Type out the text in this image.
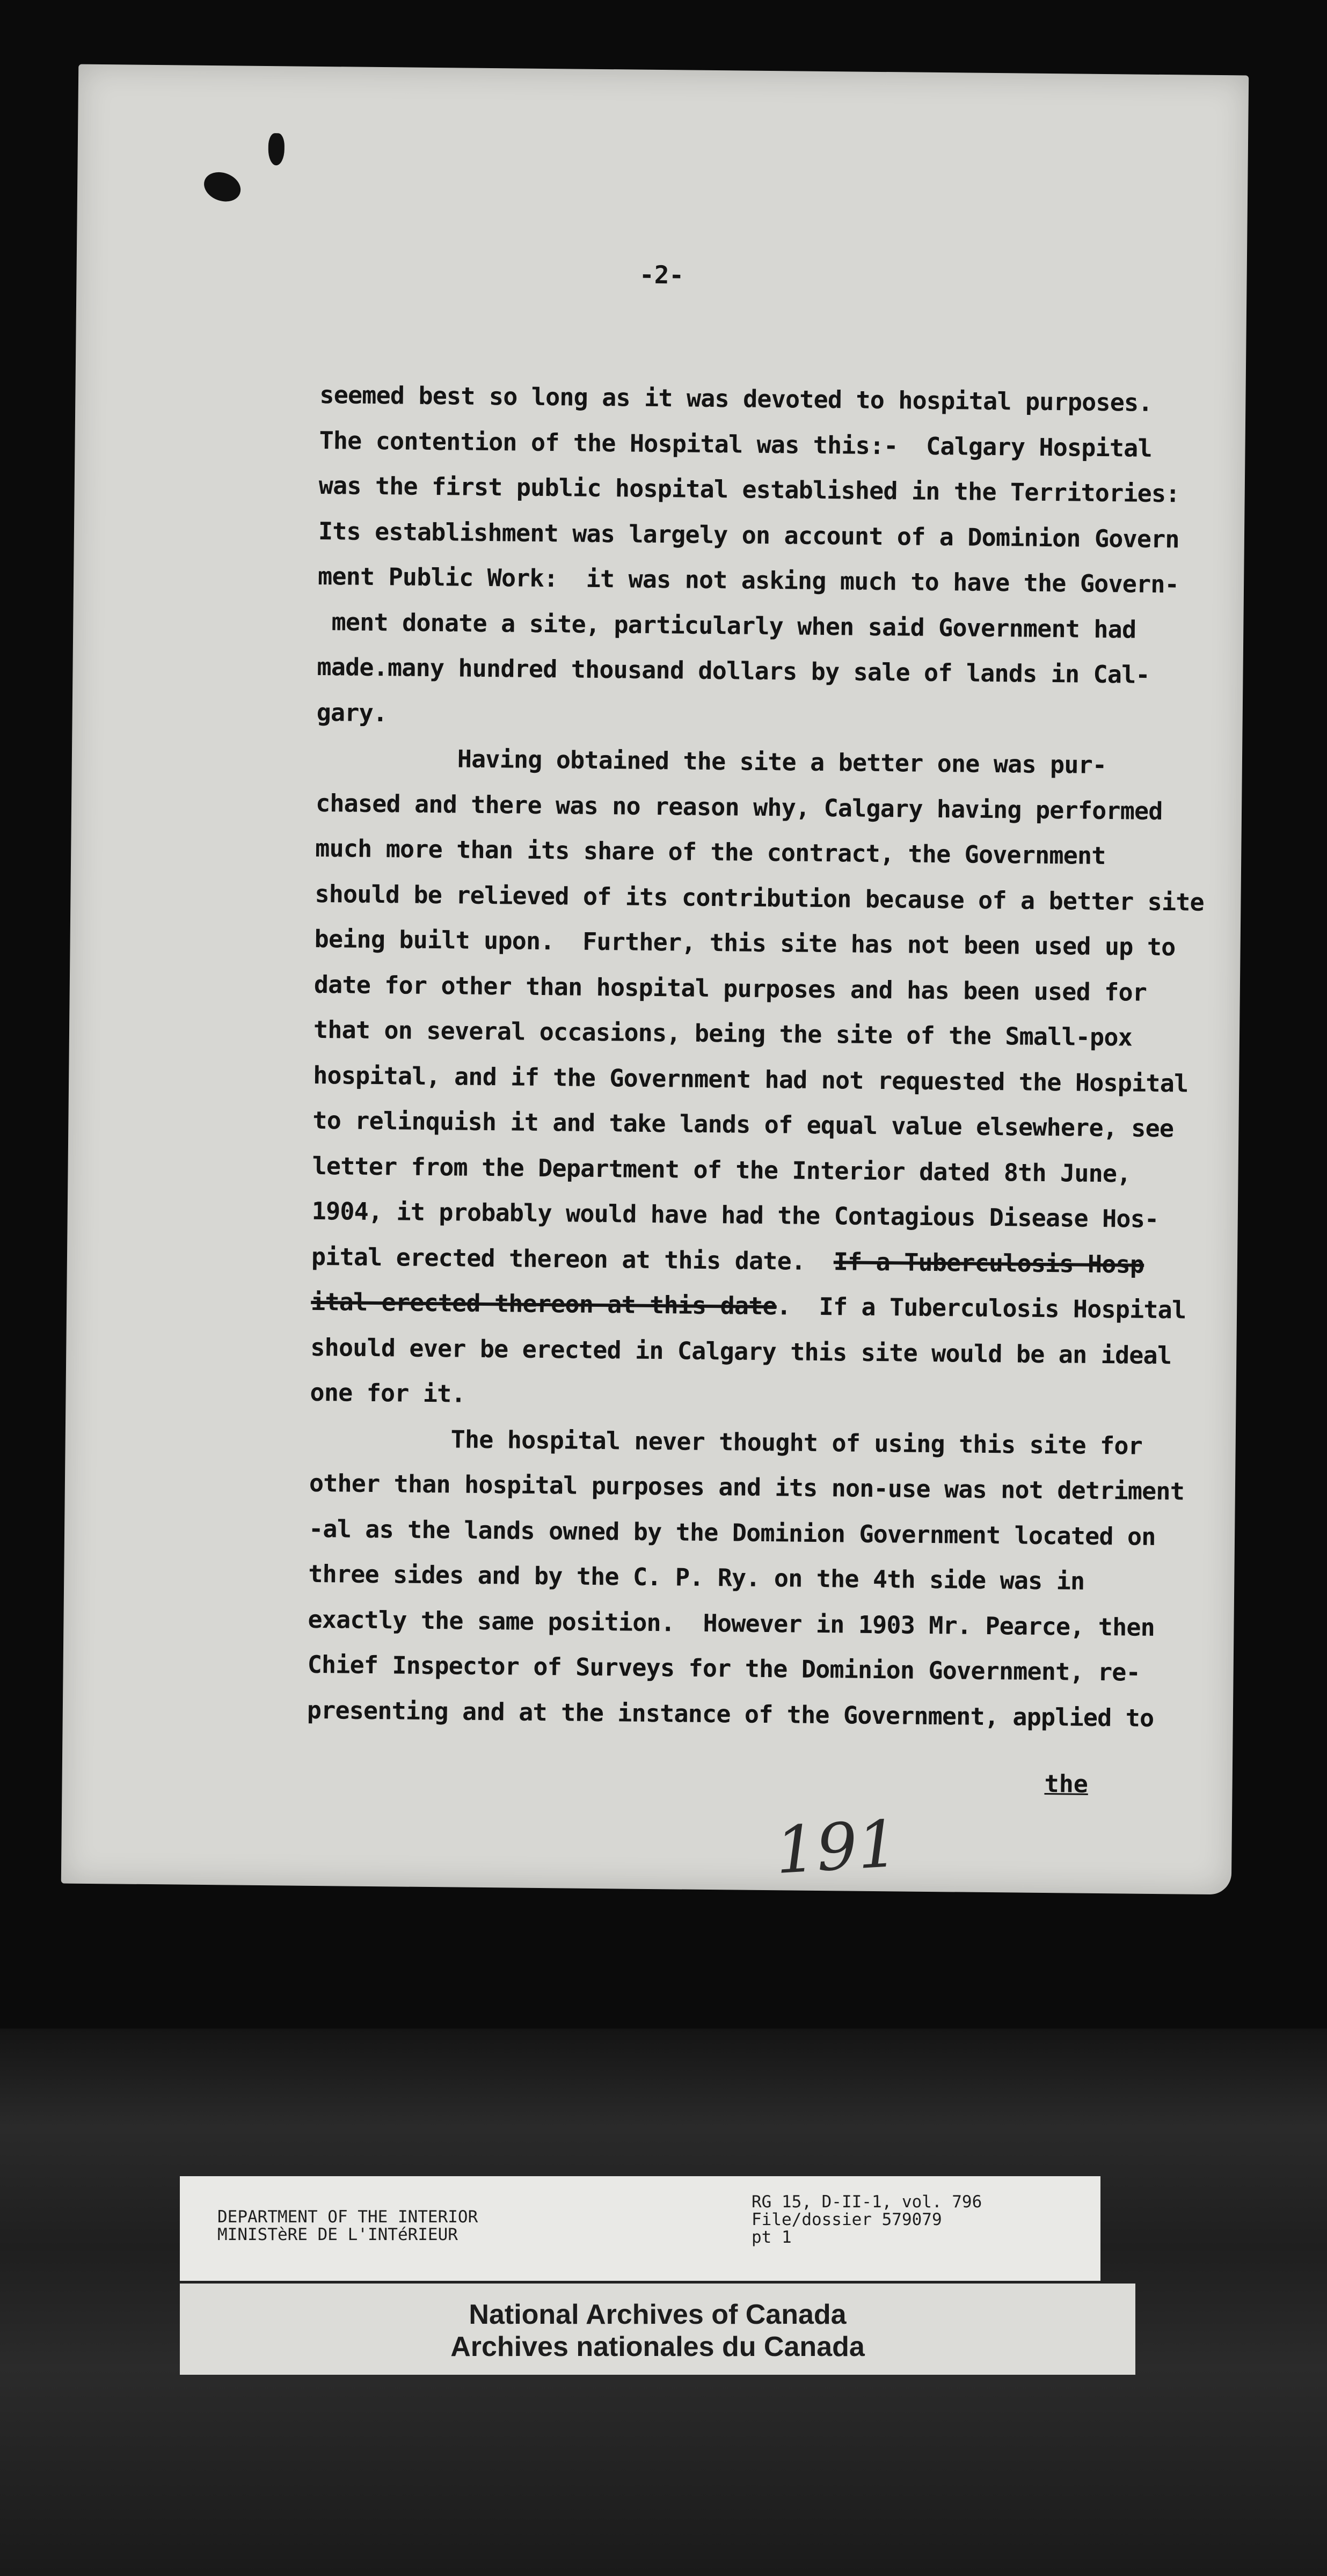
-2-
seemed best so long as it was devoted to hospital purposes.
The contention of the Hospital was this:-  Calgary Hospital
was the first public hospital established in the Territories:
Its establishment was largely on account of a Dominion Govern
ment Public Work:  it was not asking much to have the Govern-
ment donate a site, particularly when said Government had
made.many hundred thousand dollars by sale of lands in Cal-
gary.
Having obtained the site a better one was pur-
chased and there was no reason why, Calgary having performed
much more than its share of the contract, the Government
should be relieved of its contribution because of a better site
being built upon.  Further, this site has not been used up to
date for other than hospital purposes and has been used for
that on several occasions, being the site of the Small-pox
hospital, and if the Government had not requested the Hospital
to relinquish it and take lands of equal value elsewhere, see
letter from the Department of the Interior dated 8th June,
1904, it probably would have had the Contagious Disease Hos-
pital erected thereon at this date.  If a Tuberculosis Hosp
ital erected thereon at this date.  If a Tuberculosis Hospital
should ever be erected in Calgary this site would be an ideal
one for it.
The hospital never thought of using this site for
other than hospital purposes and its non-use was not detriment
-al as the lands owned by the Dominion Government located on
three sides and by the C. P. Ry. on the 4th side was in
exactly the same position.  However in 1903 Mr. Pearce, then
Chief Inspector of Surveys for the Dominion Government, re-
presenting and at the instance of the Government, applied to
the
191
DEPARTMENT OF THE INTERIOR
MINISTèRE DE L'INTéRIEUR
RG 15, D-II-1, vol. 796
File/dossier 579079
pt 1
National Archives of Canada
Archives nationales du Canada
